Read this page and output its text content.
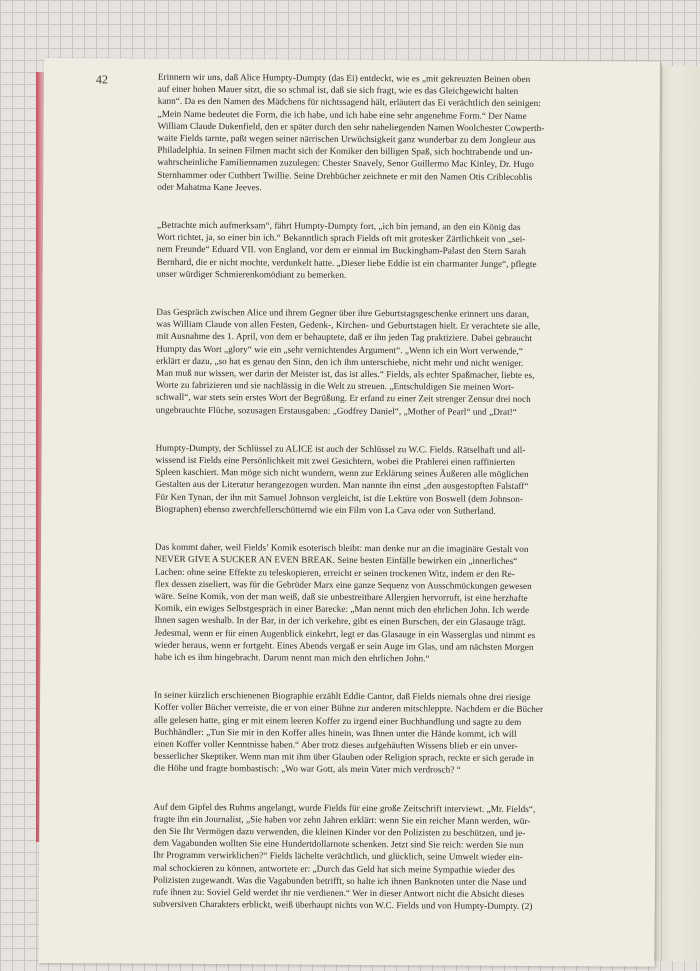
42	Erinnern wir uns, daß Alice Humpty-Dumpty (das Ei) entdeckt, wie es „mit gekreuzten Beinen oben
auf einer hohen Mauer sitzt, die so schmal ist, daß sie sich fragt, wie es das Gleichgewicht halten
kann“. Da es den Namen des Mädchens für nichtssagend hält, erläutert das Ei verächtlich den seinigen:
„Mein Name bedeutet die Form, die ich habe, und ich habe eine sehr angenehme Form.“ Der Name
William Claude Dukenfield, den er später durch den sehr naheliegenden Namen Woolchester Cowperth-
waite Fields tarnte, paßt wegen seiner närrischen Urwüchsigkeit ganz wunderbar zu dem Jongleur aus
Philadelphia. In seinen Filmen macht sich der Komiker den billigen Spaß, sich hochtrabende und un-
wahrscheinliche Familiennamen zuzulegen: Chester Snavely, Senor Guillermo Mac Kinley, Dr. Hugo
Sternhammer oder Cuthbert Twillie. Seine Drehbücher zeichnete er mit den Namen Otis Criblecoblis
oder Mahatma Kane Jeeves.
„Betrachte mich aufmerksam“, fährt Humpty-Dumpty fort, „ich bin jemand, an den ein König das
Wort richtet, ja, so einer bin ich.“ Bekanntlich sprach Fields oft mit grotesker Zärtlichkeit von „sei-
nem Freunde“ Eduard VII. von England, vor dem er einmal im Buckingham-Palast den Stern Sarah
Bernhard, die er nicht mochte, verdunkelt hatte. „Dieser liebe Eddie ist ein charmanter Junge“, pflegte
unser würdiger Schmierenkomödiant zu bemerken.
Das Gespräch zwischen Alice und ihrem Gegner über ihre Geburtstagsgeschenke erinnert uns daran,
was William Claude von allen Festen, Gedenk-, Kirchen- und Geburtstagen hielt. Er verachtete sie alle,
mit Ausnahme des 1. April, von dem er behauptete, daß er ihn jeden Tag praktiziere. Dabei gebraucht
Humpty das Wort „glory“ wie ein „sehr vernichtendes Argument“. „Wenn ich ein Wort verwende,“
erklärt er dazu, „so hat es genau den Sinn, den ich ihm unterschiebe, nicht mehr und nicht weniger.
Man muß nur wissen, wer darin der Meister ist, das ist alles.“ Fields, als echter Spaßmacher, liebte es,
Worte zu fabrizieren und sie nachlässig in die Welt zu streuen. „Entschuldigen Sie meinen Wort-
schwall“, war stets sein erstes Wort der Begrüßung. Er erfand zu einer Zeit strenger Zensur drei noch
ungebrauchte Flüche, sozusagen Erstausgaben: „Godfrey Daniel“, „Mother of Pearl“ und „Drat!“
Humpty-Dumpty, der Schlüssel zu ALICE ist auch der Schlüssel zu W.C. Fields. Rätselhaft und all-
wissend ist Fields eine Persönlichkeit mit zwei Gesichtern, wobei die Prahlerei einen raffinierten
Spleen kaschiert. Man möge sich nicht wundern, wenn zur Erklärung seines Äußeren alle möglichen
Gestalten aus der Literatur herangezogen wurden. Man nannte ihn einst „den ausgestopften Falstaff“
Für Ken Tynan, der ihn mit Samuel Johnson vergleicht, ist die Lektüre von Boswell (dem Johnson-
Biographen) ebenso zwerchfellerschütternd wie ein Film von La Cava oder von Sutherland.
Das kommt daher, weil Fields’ Komik esoterisch bleibt: man denke nur an die imaginäre Gestalt von
NEVER GIVE A SUCKER AN EVEN BREAK. Seine besten Einfälle bewirken ein „innerliches“
Lachen: ohne seine Effekte zu teleskopieren, erreicht er seinen trockenen Witz, indem er den Re-
flex dessen ziseliert, was für die Gebrüder Marx eine ganze Sequenz von Ausschmückungen gewesen
wäre. Seine Komik, von der man weiß, daß sie unbestreitbare Allergien hervorruft, ist eine herzhafte
Komik, ein ewiges Selbstgespräch in einer Barecke: „Man nennt mich den ehrlichen John. Ich werde
Ihnen sagen weshalb. In der Bar, in der ich verkehre, gibt es einen Burschen, der ein Glasauge trägt.
Jedesmal, wenn er für einen Augenblick einkehrt, legt er das Glasauge in ein Wasserglas und nimmt es
wieder heraus, wenn er fortgeht. Eines Abends vergaß er sein Auge im Glas, und am nächsten Morgen
habe ich es ihm hingebracht. Darum nennt man mich den ehrlichen John.“
In seiner kürzlich erschienenen Biographie erzählt Eddie Cantor, daß Fields niemals ohne drei riesige
Koffer voller Bücher verreiste, die er von einer Bühne zur anderen mitschleppte. Nachdem er die Bücher
alle gelesen hatte, ging er mit einem leeren Koffer zu irgend einer Buchhandlung und sagte zu dem
Buchhändler: „Tun Sie mir in den Koffer alles hinein, was Ihnen unter die Hände kommt, ich will
einen Koffer voller Kenntnisse haben.“ Aber trotz dieses aufgehäuften Wissens blieb er ein unver-
besserlicher Skeptiker. Wenn man mit ihm über Glauben oder Religion sprach, reckte er sich gerade in
die Höhe und fragte bombastisch: „Wo war Gott, als mein Vater mich verdrosch? “
Auf dem Gipfel des Ruhms angelangt, wurde Fields für eine große Zeitschrift interviewt. „Mr. Fields“,
fragte ihn ein Journalist, „Sie haben vor zehn Jahren erklärt: wenn Sie ein reicher Mann werden, wür-
den Sie Ihr Vermögen dazu verwenden, die kleinen Kinder vor den Polizisten zu beschützen, und je-
dem Vagabunden wollten Sie eine Hundertdollarnote schenken. Jetzt sind Sie reich: werden Sie nun
Ihr Programm verwirklichen?“ Fields lächelte verächtlich, und glücklich, seine Umwelt wieder ein-
mal schockieren zu können, antwortete er: „Durch das Geld hat sich meine Sympathie wieder des
Polizisten zugewandt. Was die Vagabunden betrifft, so halte ich ihnen Banknoten unter die Nase und
rufe ihnen zu: Soviel Geld werdet ihr nie verdienen.“ Wer in dieser Antwort nicht die Absicht dieses
subversiven Charakters erblickt, weiß überhaupt nichts von W.C. Fields und von Humpty-Dumpty. (2)
